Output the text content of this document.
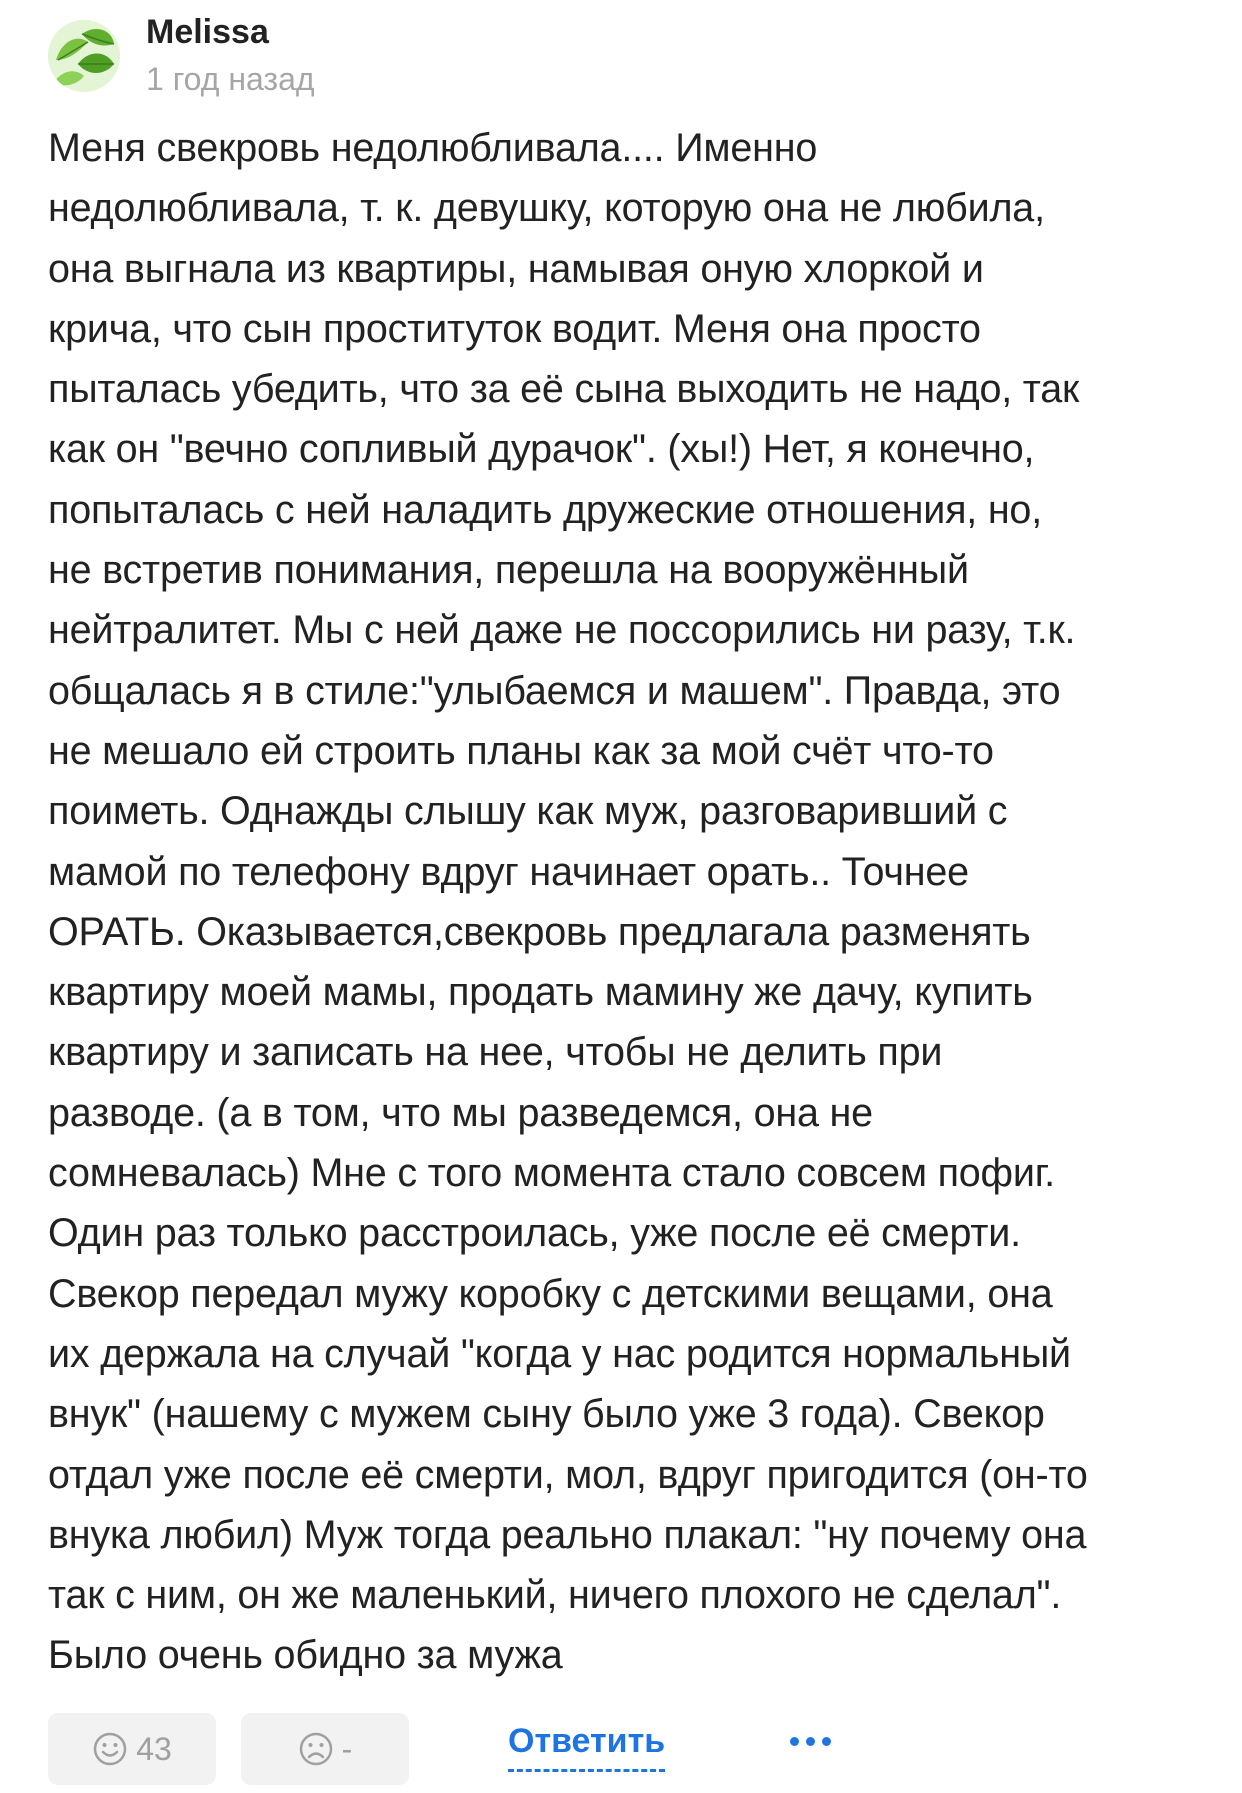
Melissa
1 год назад
Меня свекровь недолюбливала.... Именно
недолюбливала, т. к. девушку, которую она не любила,
она выгнала из квартиры, намывая оную хлоркой и
крича, что сын проституток водит. Меня она просто
пыталась убедить, что за её сына выходить не надо, так
как он "вечно сопливый дурачок". (хы!) Нет, я конечно,
попыталась с ней наладить дружеские отношения, но,
не встретив понимания, перешла на вооружённый
нейтралитет. Мы с ней даже не поссорились ни разу, т.к.
общалась я в стиле:"улыбаемся и машем". Правда, это
не мешало ей строить планы как за мой счёт что-то
поиметь. Однажды слышу как муж, разговаривший с
мамой по телефону вдруг начинает орать.. Точнее
ОРАТЬ. Оказывается,свекровь предлагала разменять
квартиру моей мамы, продать мамину же дачу, купить
квартиру и записать на нее, чтобы не делить при
разводе. (а в том, что мы разведемся, она не
сомневалась) Мне с того момента стало совсем пофиг.
Один раз только расстроилась, уже после её смерти.
Свекор передал мужу коробку с детскими вещами, она
их держала на случай "когда у нас родится нормальный
внук" (нашему с мужем сыну было уже 3 года). Свекор
отдал уже после её смерти, мол, вдруг пригодится (он-то
внука любил) Муж тогда реально плакал: "ну почему она
так с ним, он же маленький, ничего плохого не сделал".
Было очень обидно за мужа
43	-	Ответить
